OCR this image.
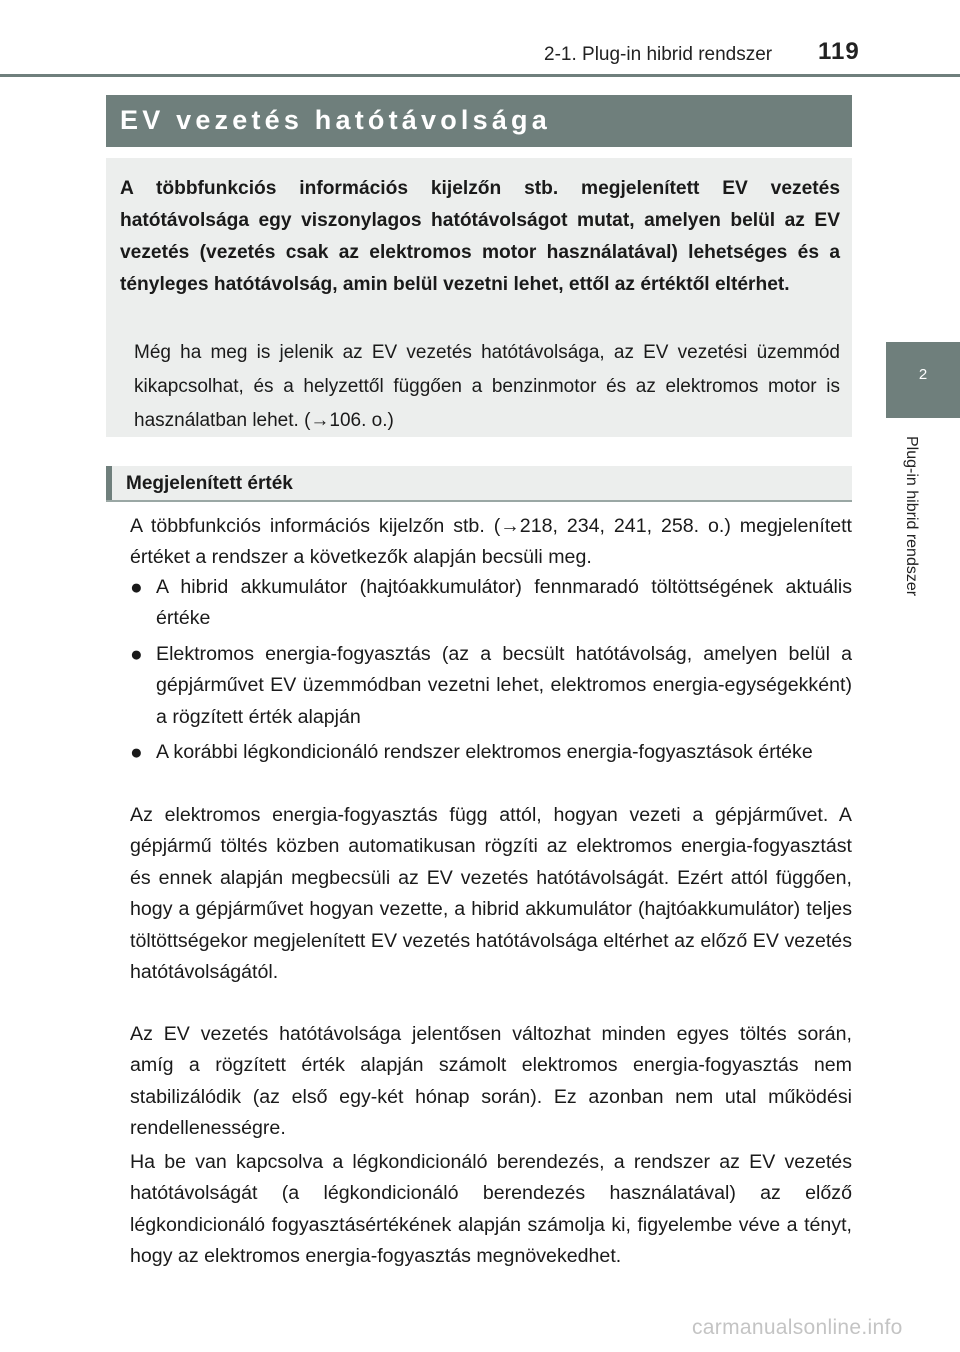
2-1. Plug-in hibrid rendszer 119
2
Plug-in hibrid rendszer
EV vezetés hatótávolsága
A többfunkciós információs kijelzőn stb. megjelenített EV vezetés hatótávolsága egy viszonylagos hatótávolságot mutat, amelyen belül az EV vezetés (vezetés csak az elektromos motor használatával) lehetséges és a tényleges hatótávolság, amin belül vezetni lehet, ettől az értéktől eltérhet.
Még ha meg is jelenik az EV vezetés hatótávolsága, az EV vezetési üzemmód kikapcsolhat, és a helyzettől függően a benzinmotor és az elektromos motor is használatban lehet. (→106. o.)
Megjelenített érték
A többfunkciós információs kijelzőn stb. (→218, 234, 241, 258. o.) megjelenített értéket a rendszer a következők alapján becsüli meg.
● A hibrid akkumulátor (hajtóakkumulátor) fennmaradó töltöttségének aktuális értéke
● Elektromos energia-fogyasztás (az a becsült hatótávolság, amelyen belül a gépjárművet EV üzemmódban vezetni lehet, elektromos energia-egységekként) a rögzített érték alapján
● A korábbi légkondicionáló rendszer elektromos energia-fogyasztások értéke
Az elektromos energia-fogyasztás függ attól, hogyan vezeti a gépjárművet. A gépjármű töltés közben automatikusan rögzíti az elektromos energia-fogyasztást és ennek alapján megbecsüli az EV vezetés hatótávolságát. Ezért attól függően, hogy a gépjárművet hogyan vezette, a hibrid akkumulátor (hajtóakkumulátor) teljes töltöttségekor megjelenített EV vezetés hatótávolsága eltérhet az előző EV vezetés hatótávolságától.
Az EV vezetés hatótávolsága jelentősen változhat minden egyes töltés során, amíg a rögzített érték alapján számolt elektromos energia-fogyasztás nem stabilizálódik (az első egy-két hónap során). Ez azonban nem utal működési rendellenességre.
Ha be van kapcsolva a légkondicionáló berendezés, a rendszer az EV vezetés hatótávolságát (a légkondicionáló berendezés használatával) az előző légkondicionáló fogyasztásértékének alapján számolja ki, figyelembe véve a tényt, hogy az elektromos energia-fogyasztás megnövekedhet.
carmanualsonline.info
